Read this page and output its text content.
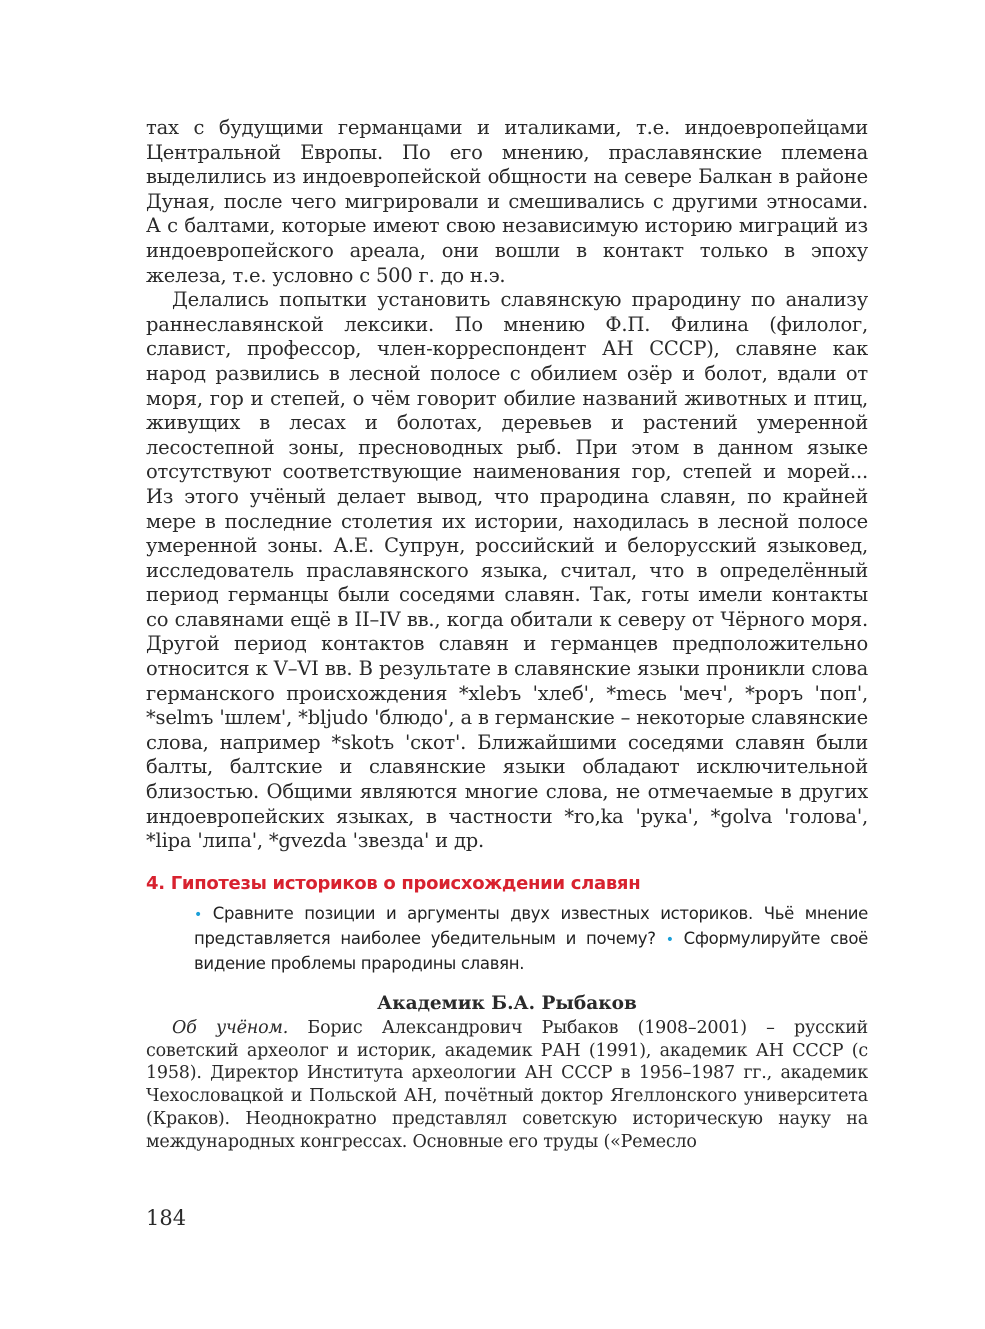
тах с будущими германцами и италиками, т.е. индоевропейцами Центральной Европы. По его мнению, праславянские племена выделились из индоевропейской общности на севере Балкан в районе Дуная, после чего мигрировали и смешивались с другими этносами. А с балтами, которые имеют свою независимую историю миграций из индоевропейского ареала, они вошли в контакт только в эпоху железа, т.е. условно с 500 г. до н.э.

Делались попытки установить славянскую прародину по анализу раннеславянской лексики. По мнению Ф.П. Филина (филолог, славист, профессор, член-корреспондент АН СССР), славяне как народ развились в лесной полосе с обилием озёр и болот, вдали от моря, гор и степей, о чём говорит обилие названий животных и птиц, живущих в лесах и болотах, деревьев и растений умеренной лесостепной зоны, пресноводных рыб. При этом в данном языке отсутствуют соответствующие наименования гор, степей и морей... Из этого учёный делает вывод, что прародина славян, по крайней мере в последние столетия их истории, находилась в лесной полосе умеренной зоны. А.Е. Супрун, российский и белорусский языковед, исследователь праславянского языка, считал, что в определённый период германцы были соседями славян. Так, готы имели контакты со славянами ещё в II–IV вв., когда обитали к северу от Чёрного моря. Другой период контактов славян и германцев предположительно относится к V–VI вв. В результате в славянские языки проникли слова германского происхождения *xlebъ 'хлеб', *mecь 'меч', *popъ 'поп', *selmъ 'шлем', *bljudo 'блюдо', а в германские – некоторые славянские слова, например *skotъ 'скот'. Ближайшими соседями славян были балты, балтские и славянские языки обладают исключительной близостью. Общими являются многие слова, не отмечаемые в других индоевропейских языках, в частности *ro,ka 'рука', *golva 'голова', *lipa 'липа', *gvezda 'звезда' и др.

4. Гипотезы историков о происхождении славян
• Сравните позиции и аргументы двух известных историков. Чьё мнение представляется наиболее убедительным и почему? • Сформулируйте своё видение проблемы прародины славян.
Академик Б.А. Рыбаков

Об учёном. Борис Александрович Рыбаков (1908–2001) – русский советский археолог и историк, академик РАН (1991), академик АН СССР (с 1958). Директор Института археологии АН СССР в 1956–1987 гг., академик Чехословацкой и Польской АН, почётный доктор Ягеллонского университета (Краков). Неоднократно представлял советскую историческую науку на международных конгрессах. Основные его труды («Ремесло

184
